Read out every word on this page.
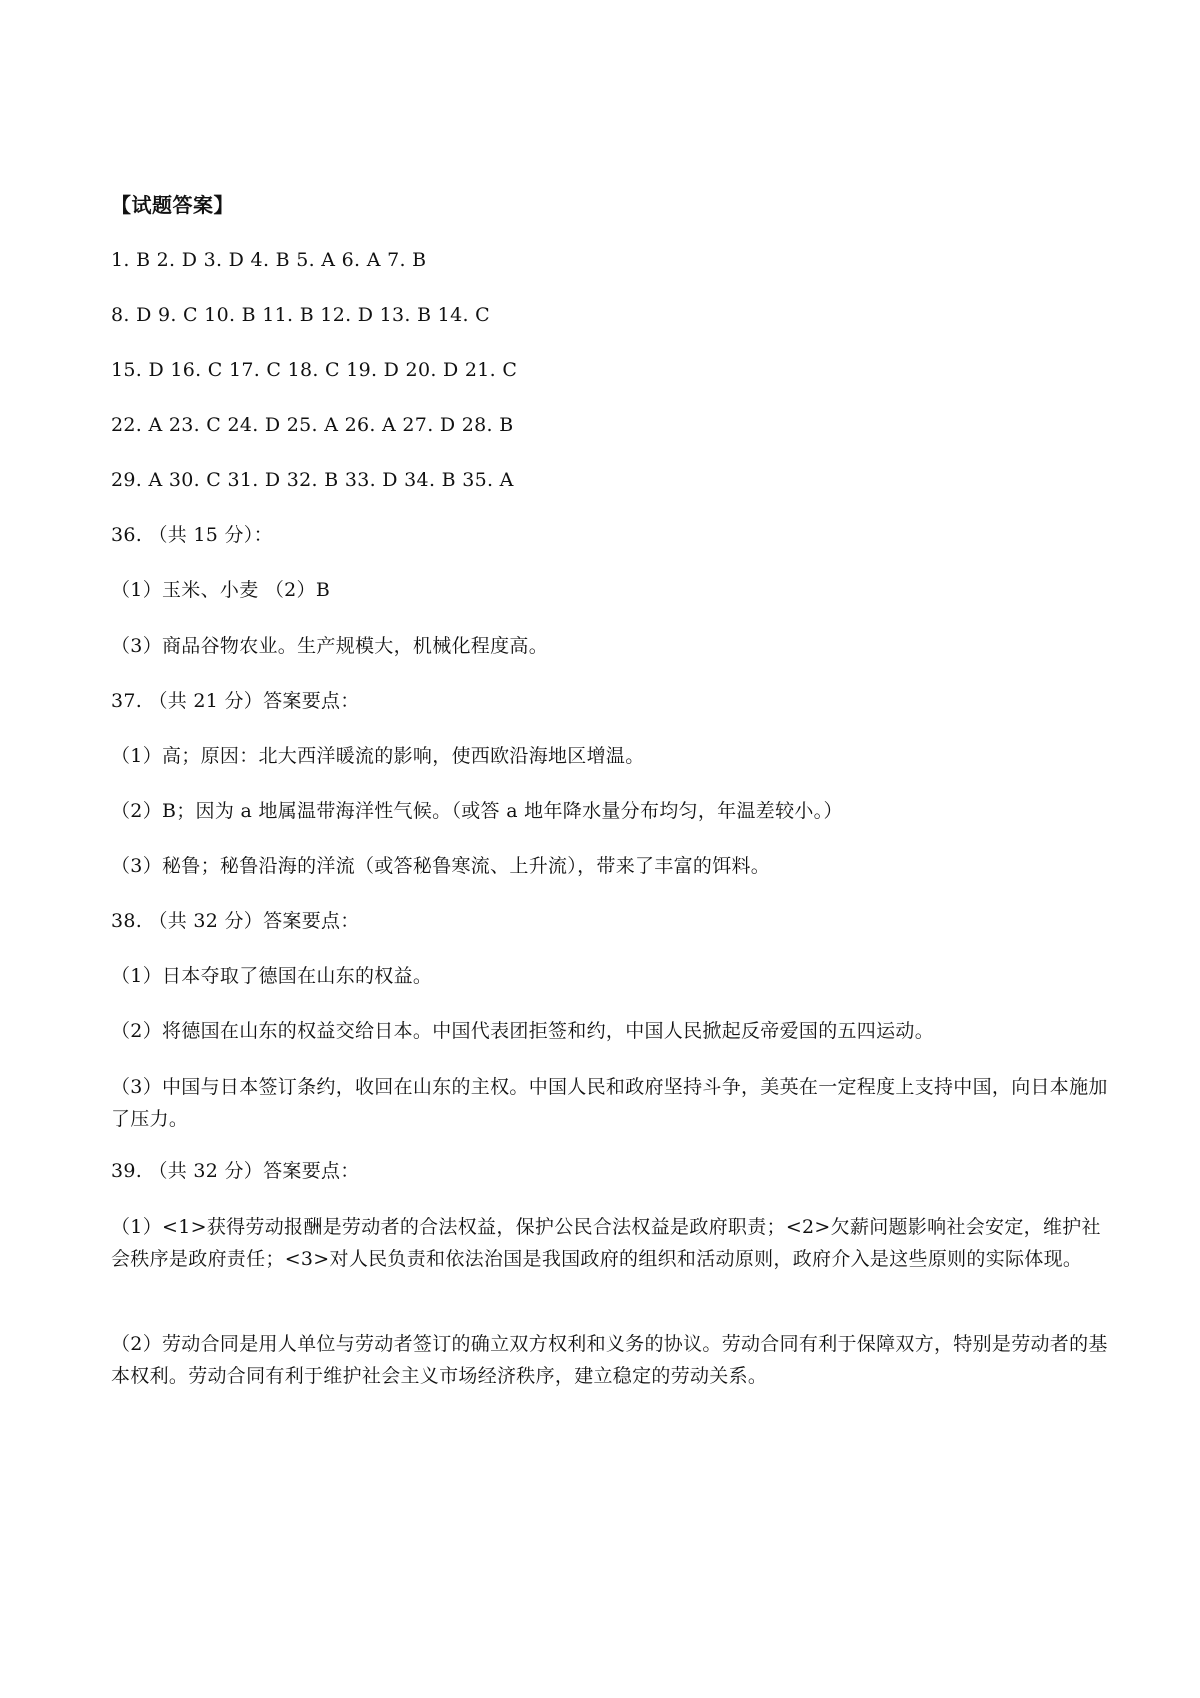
【试题答案】
1. B 2. D 3. D 4. B 5. A 6. A 7. B
8. D 9. C 10. B 11. B 12. D 13. B 14. C
15. D 16. C 17. C 18. C 19. D 20. D 21. C
22. A 23. C 24. D 25. A 26. A 27. D 28. B
29. A 30. C 31. D 32. B 33. D 34. B 35. A
36. （共 15 分）：
（1）玉米、小麦 （2）B
（3）商品谷物农业。生产规模大，机械化程度高。
37. （共 21 分）答案要点：
（1）高；原因：北大西洋暖流的影响，使西欧沿海地区增温。
（2）B；因为 a 地属温带海洋性气候。（或答 a 地年降水量分布均匀，年温差较小。）
（3）秘鲁；秘鲁沿海的洋流（或答秘鲁寒流、上升流），带来了丰富的饵料。
38. （共 32 分）答案要点：
（1）日本夺取了德国在山东的权益。
（2）将德国在山东的权益交给日本。中国代表团拒签和约，中国人民掀起反帝爱国的五四运动。
（3）中国与日本签订条约，收回在山东的主权。中国人民和政府坚持斗争，美英在一定程度上支持中国，向日本施加了压力。
39. （共 32 分）答案要点：
（1）<1>获得劳动报酬是劳动者的合法权益，保护公民合法权益是政府职责；<2>欠薪问题影响社会安定，维护社会秩序是政府责任；<3>对人民负责和依法治国是我国政府的组织和活动原则，政府介入是这些原则的实际体现。
（2）劳动合同是用人单位与劳动者签订的确立双方权利和义务的协议。劳动合同有利于保障双方，特别是劳动者的基本权利。劳动合同有利于维护社会主义市场经济秩序，建立稳定的劳动关系。
